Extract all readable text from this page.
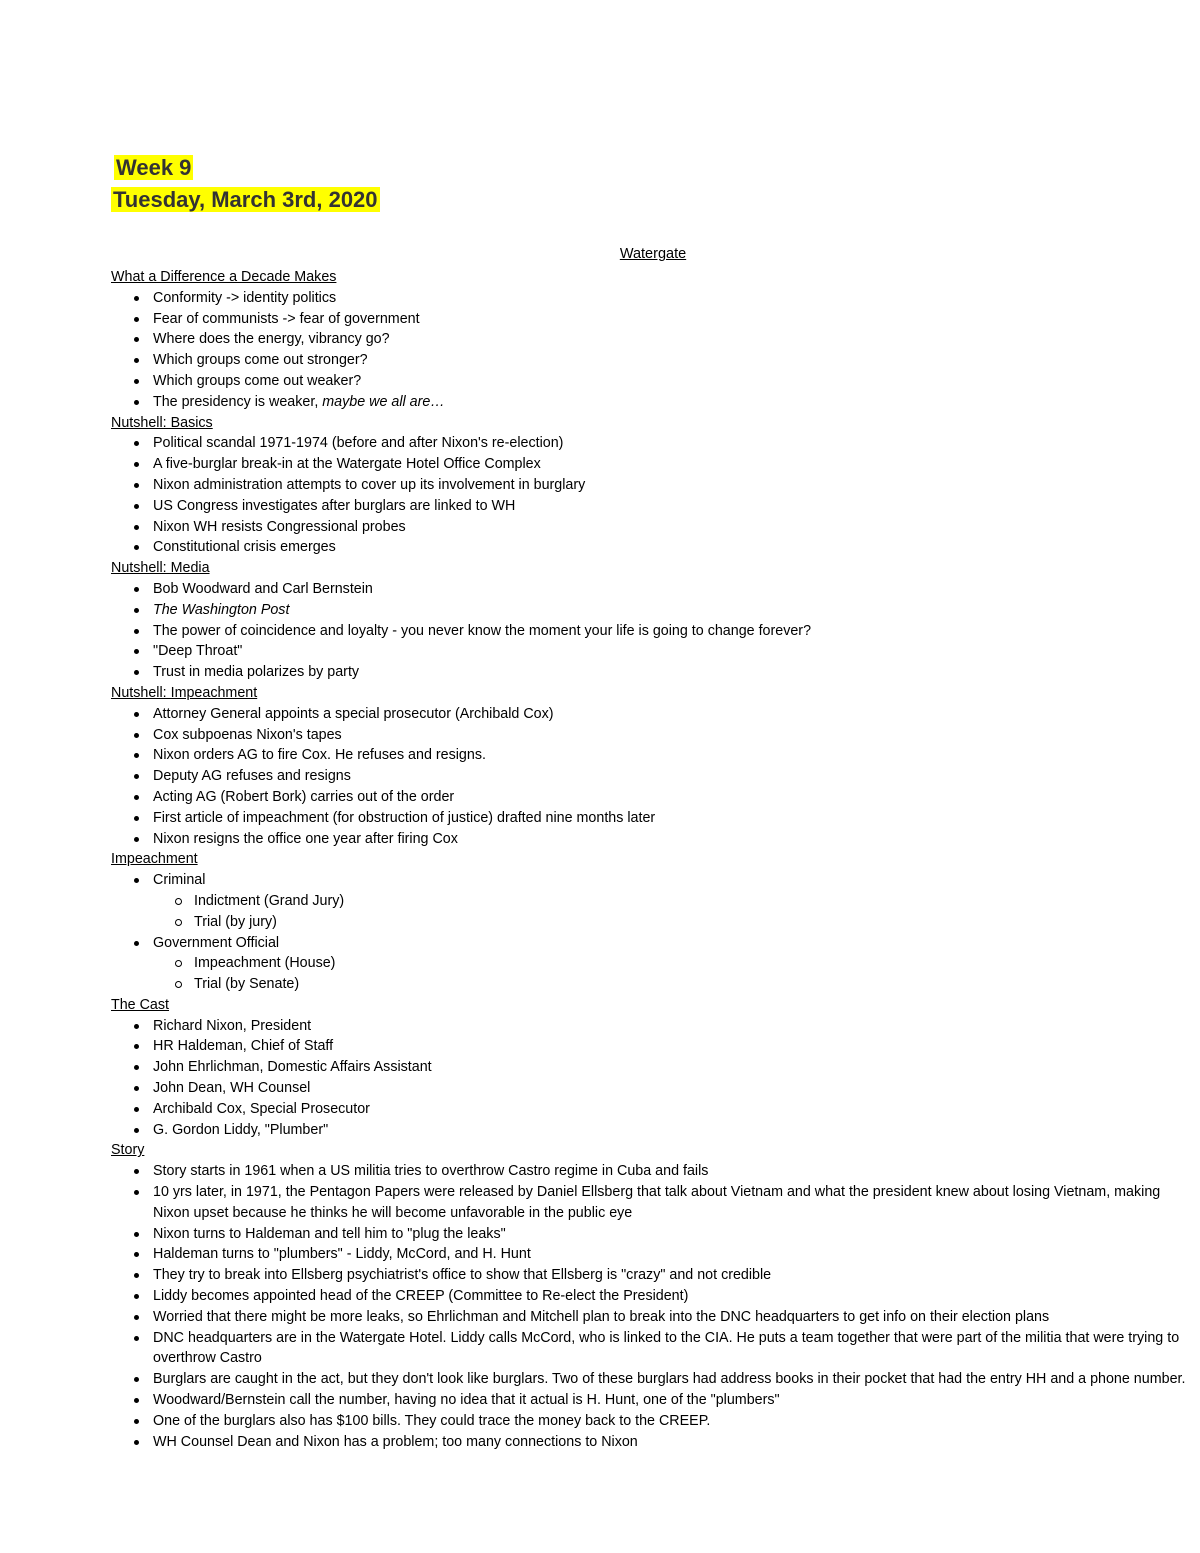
Week 9
Tuesday, March 3rd, 2020
Watergate
What a Difference a Decade Makes
Conformity -> identity politics
Fear of communists -> fear of government
Where does the energy, vibrancy go?
Which groups come out stronger?
Which groups come out weaker?
The presidency is weaker, maybe we all are…
Nutshell: Basics
Political scandal 1971-1974 (before and after Nixon's re-election)
A five-burglar break-in at the Watergate Hotel Office Complex
Nixon administration attempts to cover up its involvement in burglary
US Congress investigates after burglars are linked to WH
Nixon WH resists Congressional probes
Constitutional crisis emerges
Nutshell: Media
Bob Woodward and Carl Bernstein
The Washington Post
The power of coincidence and loyalty - you never know the moment your life is going to change forever?
"Deep Throat"
Trust in media polarizes by party
Nutshell: Impeachment
Attorney General appoints a special prosecutor (Archibald Cox)
Cox subpoenas Nixon's tapes
Nixon orders AG to fire Cox. He refuses and resigns.
Deputy AG refuses and resigns
Acting AG (Robert Bork) carries out of the order
First article of impeachment (for obstruction of justice) drafted nine months later
Nixon resigns the office one year after firing Cox
Impeachment
Criminal
Indictment (Grand Jury)
Trial (by jury)
Government Official
Impeachment (House)
Trial (by Senate)
The Cast
Richard Nixon, President
HR Haldeman, Chief of Staff
John Ehrlichman, Domestic Affairs Assistant
John Dean, WH Counsel
Archibald Cox, Special Prosecutor
G. Gordon Liddy, "Plumber"
Story
Story starts in 1961 when a US militia tries to overthrow Castro regime in Cuba and fails
10 yrs later, in 1971, the Pentagon Papers were released by Daniel Ellsberg that talk about Vietnam and what the president knew about losing Vietnam, making Nixon upset because he thinks he will become unfavorable in the public eye
Nixon turns to Haldeman and tell him to "plug the leaks"
Haldeman turns to "plumbers" - Liddy, McCord, and H. Hunt
They try to break into Ellsberg psychiatrist's office to show that Ellsberg is "crazy" and not credible
Liddy becomes appointed head of the CREEP (Committee to Re-elect the President)
Worried that there might be more leaks, so Ehrlichman and Mitchell plan to break into the DNC headquarters to get info on their election plans
DNC headquarters are in the Watergate Hotel. Liddy calls McCord, who is linked to the CIA. He puts a team together that were part of the militia that were trying to overthrow Castro
Burglars are caught in the act, but they don't look like burglars. Two of these burglars had address books in their pocket that had the entry HH and a phone number.
Woodward/Bernstein call the number, having no idea that it actual is H. Hunt, one of the "plumbers"
One of the burglars also has $100 bills. They could trace the money back to the CREEP.
WH Counsel Dean and Nixon has a problem; too many connections to Nixon
